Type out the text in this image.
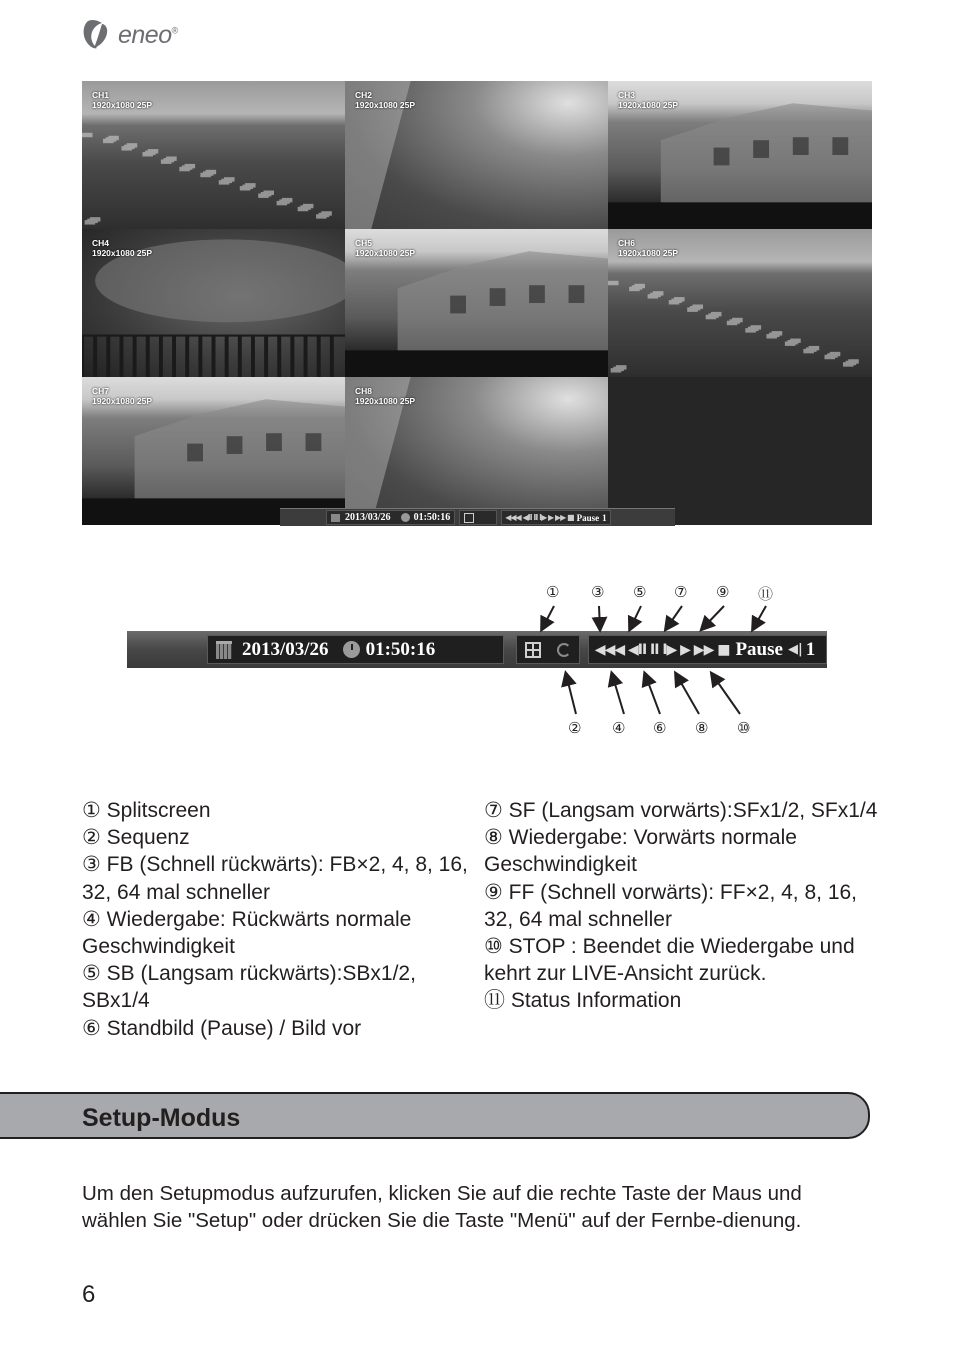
eneo®
CH1
1920x1080 25P
CH2
1920x1080 25P
CH3
1920x1080 25P
CH4
1920x1080 25P
CH5
1920x1080 25P
CH6
1920x1080 25P
CH7
1920x1080 25P
CH8
1920x1080 25P
2013/03/26 01:50:16	◀◀◀ ◀II II I▶ ▶ ▶▶ ■ Pause 1
2013/03/26 01:50:16	◀◀◀ ◀II II I▶ ▶ ▶▶ ■ Pause ◀| 1
① ③ ⑤ ⑦ ⑨ ⑪
② ④ ⑥ ⑧ ⑩
① Splitscreen
② Sequenz
③ FB (Schnell rückwärts): FB×2, 4, 8, 16, 32, 64 mal schneller
④ Wiedergabe: Rückwärts normale Geschwindigkeit
⑤ SB (Langsam rückwärts):SBx1/2, SBx1/4
⑥ Standbild (Pause) / Bild vor
⑦ SF (Langsam vorwärts):SFx1/2, SFx1/4
⑧ Wiedergabe: Vorwärts normale Geschwindigkeit
⑨ FF (Schnell vorwärts): FF×2, 4, 8, 16, 32, 64 mal schneller
⑩ STOP : Beendet die Wiedergabe und kehrt zur LIVE-Ansicht zurück.
⑪ Status Information
Setup-Modus
Um den Setupmodus aufzurufen, klicken Sie auf die rechte Taste der Maus und wählen Sie "Setup" oder drücken Sie die Taste "Menü" auf der Fernbe-dienung.
6
